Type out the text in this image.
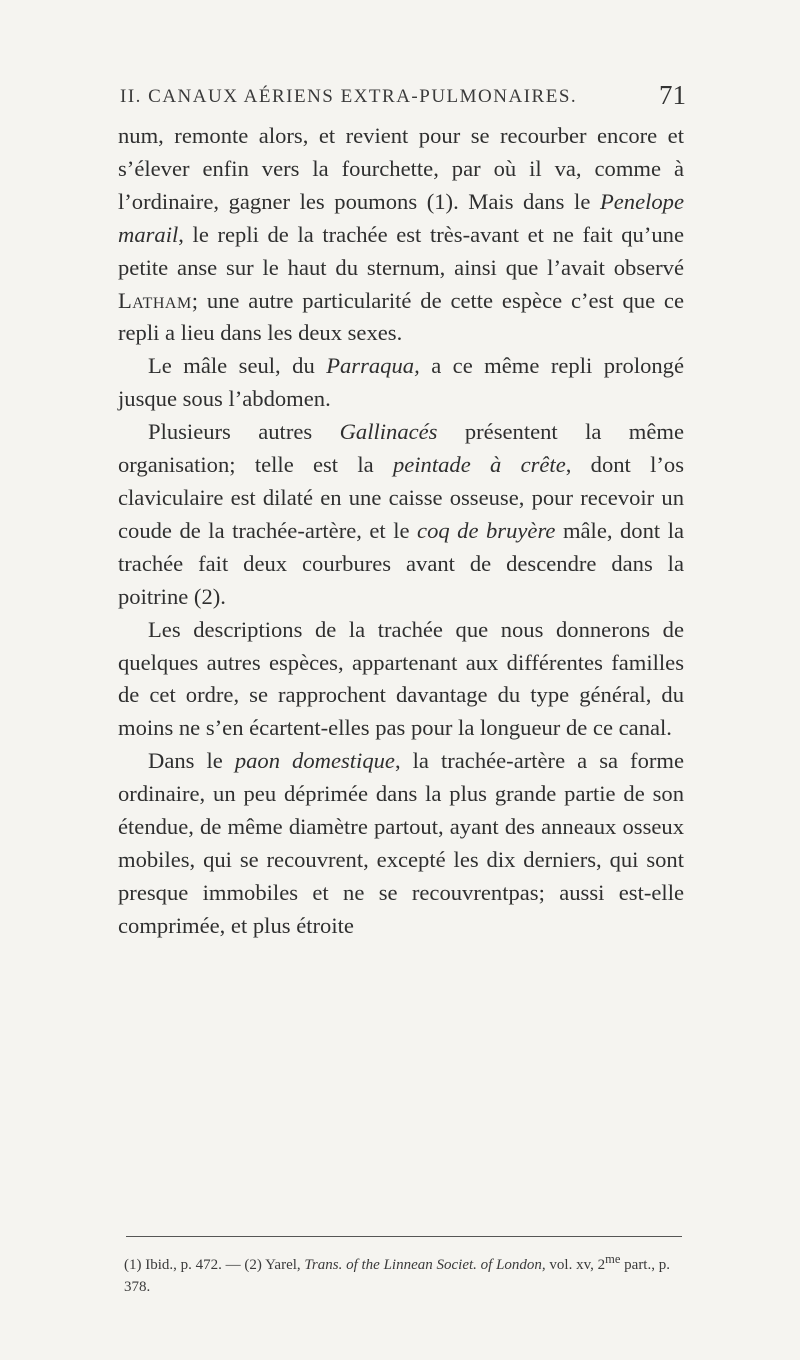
II. CANAUX AÉRIENS EXTRA-PULMONAIRES.	71

num, remonte alors, et revient pour se recourber encore et s’élever enfin vers la fourchette, par où il va, comme à l’ordinaire, gagner les poumons (1). Mais dans le Penelope marail, le repli de la trachée est très-avant et ne fait qu’une petite anse sur le haut du sternum, ainsi que l’avait observé Latham; une autre particularité de cette espèce c’est que ce repli a lieu dans les deux sexes.

Le mâle seul, du Parraqua, a ce même repli prolongé jusque sous l’abdomen.

Plusieurs autres Gallinacés présentent la même organisation; telle est la peintade à crête, dont l’os claviculaire est dilaté en une caisse osseuse, pour recevoir un coude de la trachée-artère, et le coq de bruyère mâle, dont la trachée fait deux courbures avant de descendre dans la poitrine (2).

Les descriptions de la trachée que nous donnerons de quelques autres espèces, appartenant aux différentes familles de cet ordre, se rapprochent davantage du type général, du moins ne s’en écartent-elles pas pour la longueur de ce canal.

Dans le paon domestique, la trachée-artère a sa forme ordinaire, un peu déprimée dans la plus grande partie de son étendue, de même diamètre partout, ayant des anneaux osseux mobiles, qui se recouvrent, excepté les dix derniers, qui sont presque immobiles et ne se recouvrentpas; aussi est-elle comprimée, et plus étroite

(1) Ibid., p. 472. — (2) Yarel, Trans. of the Linnean Societ. of London, vol. xv, $2^{me}$ part., p. 378.
